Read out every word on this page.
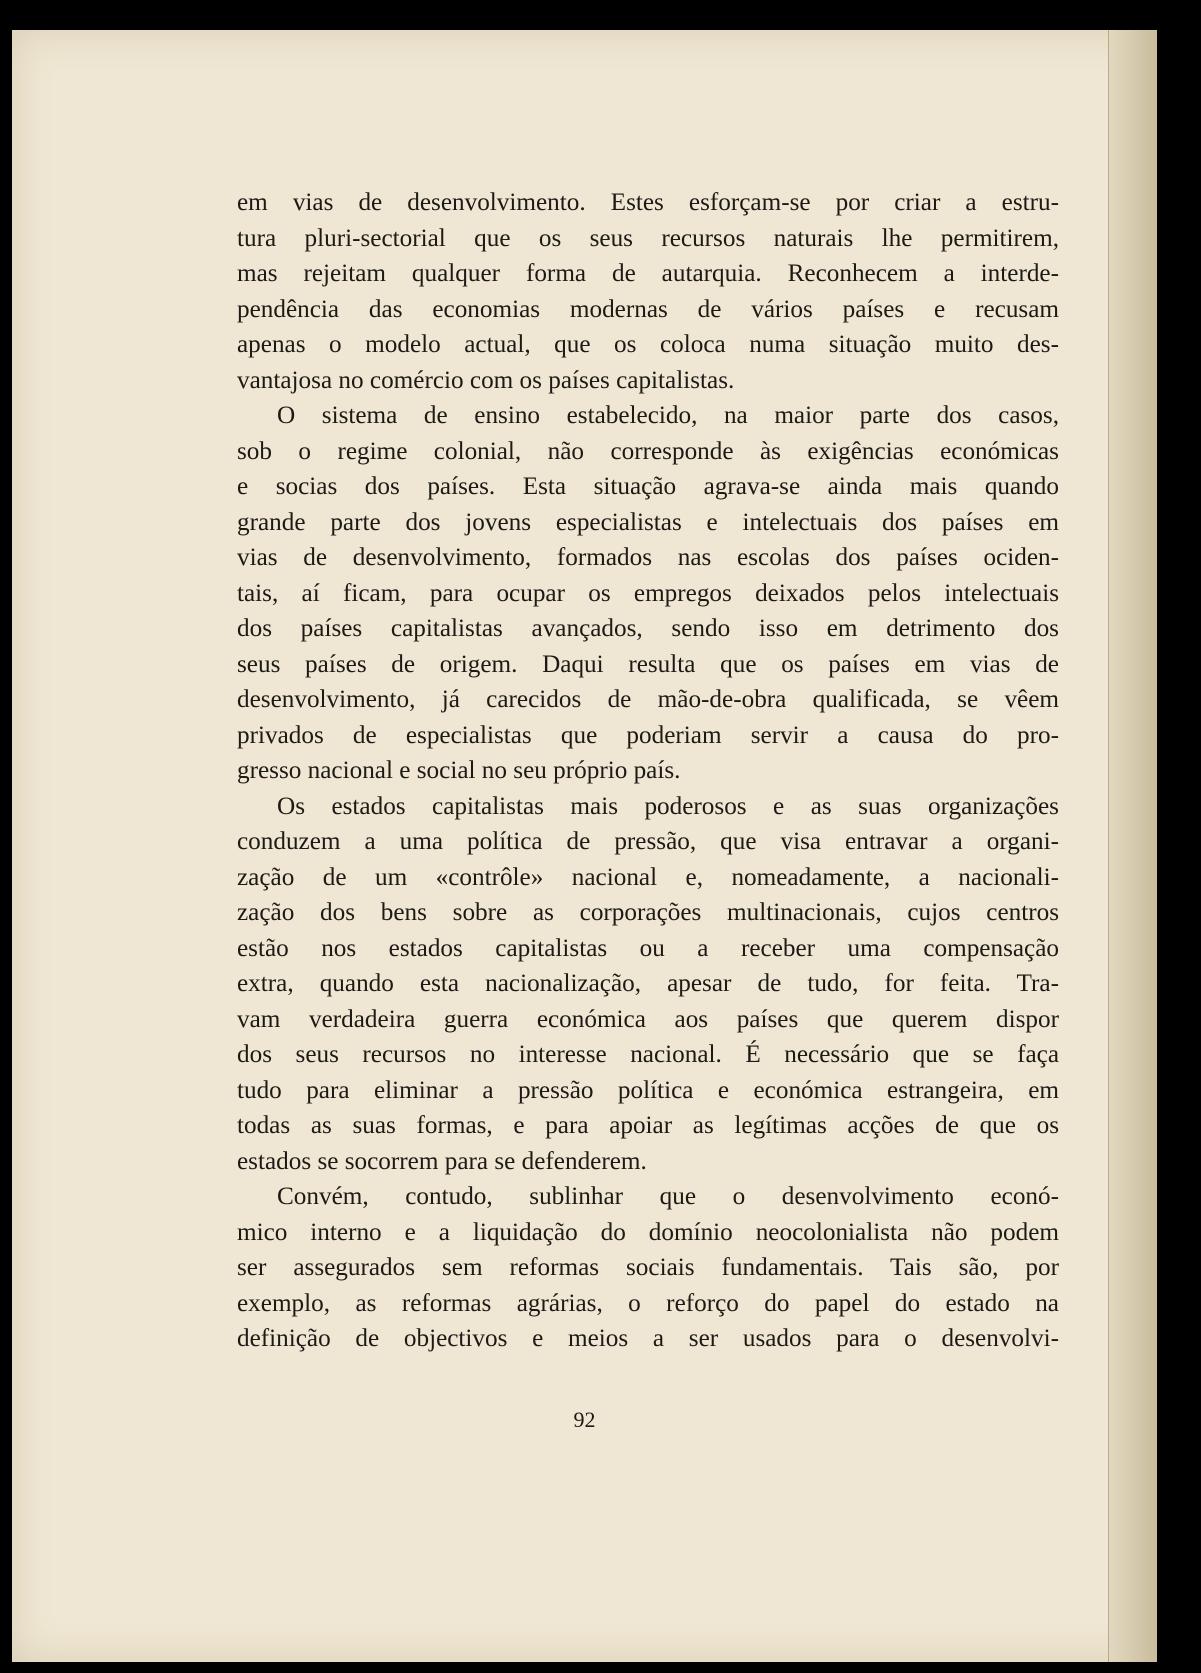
em vias de desenvolvimento. Estes esforçam-se por criar a estru-
tura pluri-sectorial que os seus recursos naturais lhe permitirem,
mas rejeitam qualquer forma de autarquia. Reconhecem a interde-
pendência das economias modernas de vários países e recusam
apenas o modelo actual, que os coloca numa situação muito des-
vantajosa no comércio com os países capitalistas.
O sistema de ensino estabelecido, na maior parte dos casos,
sob o regime colonial, não corresponde às exigências económicas
e socias dos países. Esta situação agrava-se ainda mais quando
grande parte dos jovens especialistas e intelectuais dos países em
vias de desenvolvimento, formados nas escolas dos países ociden-
tais, aí ficam, para ocupar os empregos deixados pelos intelectuais
dos países capitalistas avançados, sendo isso em detrimento dos
seus países de origem. Daqui resulta que os países em vias de
desenvolvimento, já carecidos de mão-de-obra qualificada, se vêem
privados de especialistas que poderiam servir a causa do pro-
gresso nacional e social no seu próprio país.
Os estados capitalistas mais poderosos e as suas organizações
conduzem a uma política de pressão, que visa entravar a organi-
zação de um «contrôle» nacional e, nomeadamente, a nacionali-
zação dos bens sobre as corporações multinacionais, cujos centros
estão nos estados capitalistas ou a receber uma compensação
extra, quando esta nacionalização, apesar de tudo, for feita. Tra-
vam verdadeira guerra económica aos países que querem dispor
dos seus recursos no interesse nacional. É necessário que se faça
tudo para eliminar a pressão política e económica estrangeira, em
todas as suas formas, e para apoiar as legítimas acções de que os
estados se socorrem para se defenderem.
Convém, contudo, sublinhar que o desenvolvimento econó-
mico interno e a liquidação do domínio neocolonialista não podem
ser assegurados sem reformas sociais fundamentais. Tais são, por
exemplo, as reformas agrárias, o reforço do papel do estado na
definição de objectivos e meios a ser usados para o desenvolvi-
92
